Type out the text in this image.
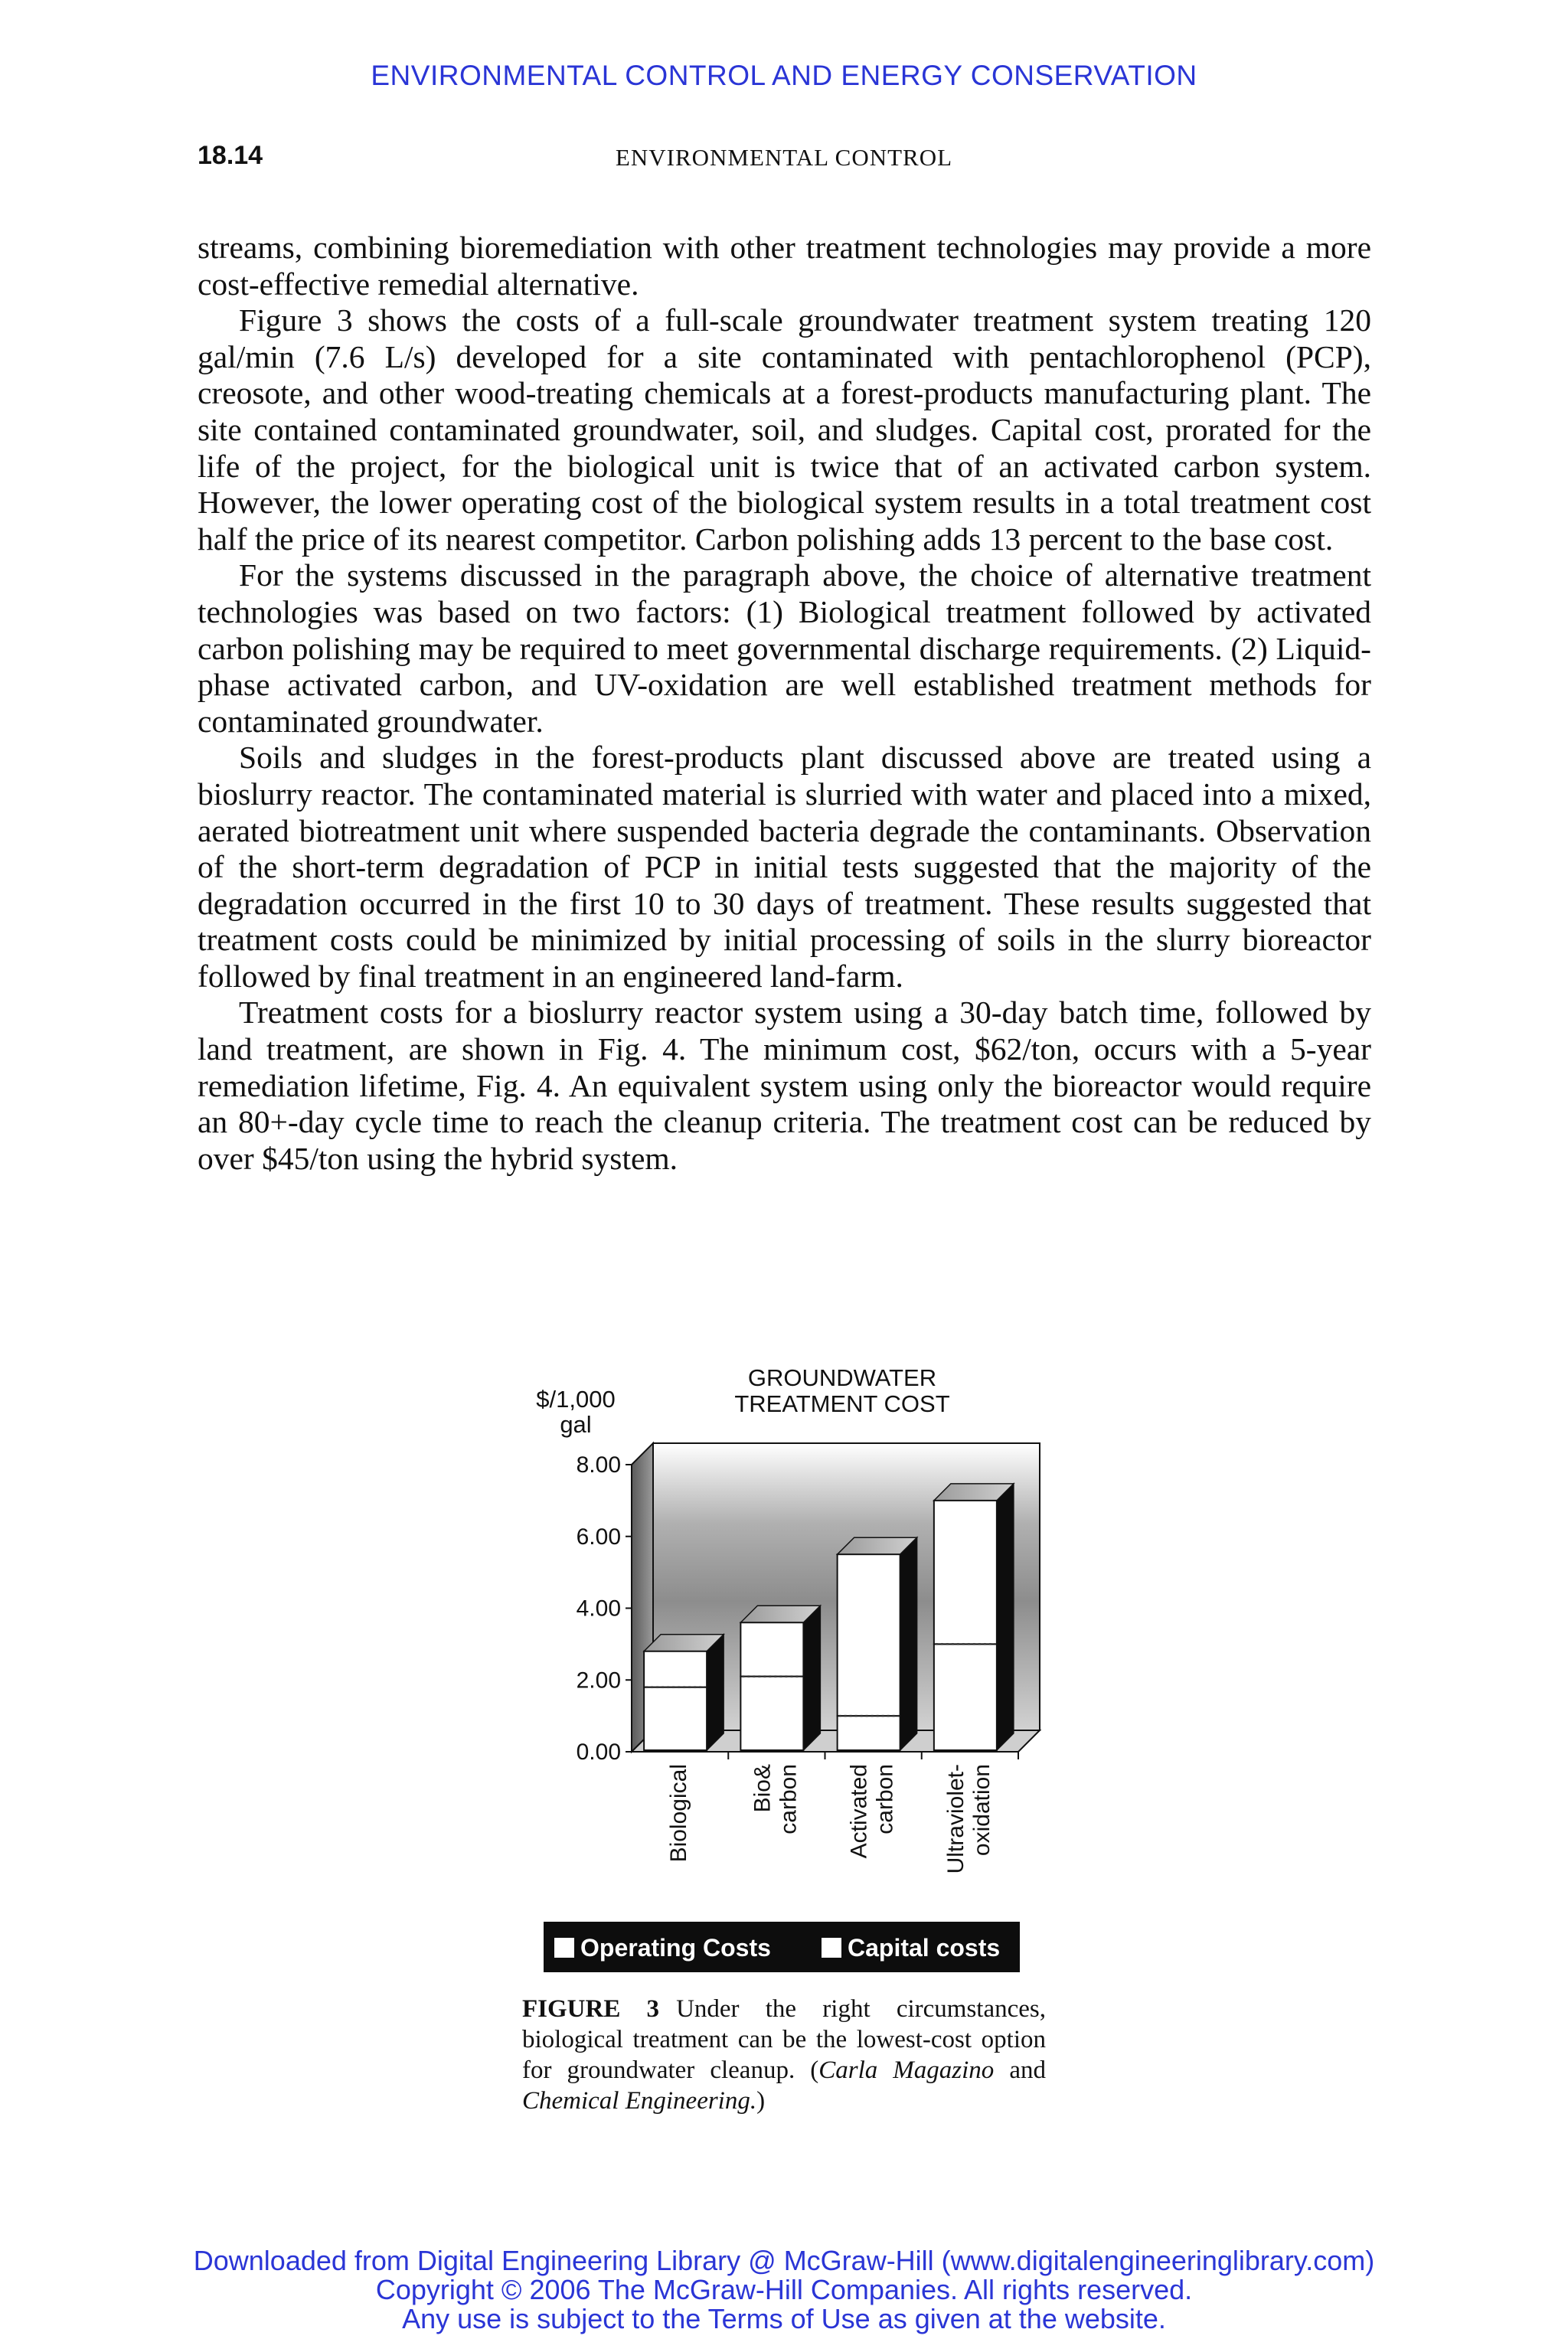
ENVIRONMENTAL CONTROL AND ENERGY CONSERVATION
18.14	ENVIRONMENTAL CONTROL

streams, combining bioremediation with other treatment technologies may provide a more cost-effective remedial alternative.

Figure 3 shows the costs of a full-scale groundwater treatment system treating 120 gal/min (7.6 L/s) developed for a site contaminated with pentachlorophenol (PCP), creosote, and other wood-treating chemicals at a forest-products manufacturing plant. The site contained contaminated groundwater, soil, and sludges. Capital cost, prorated for the life of the project, for the biological unit is twice that of an activated carbon system. However, the lower operating cost of the biological system results in a total treatment cost half the price of its nearest competitor. Carbon polishing adds 13 percent to the base cost.

For the systems discussed in the paragraph above, the choice of alternative treatment technologies was based on two factors: (1) Biological treatment followed by activated carbon polishing may be required to meet governmental discharge requirements. (2) Liquid-phase activated carbon, and UV-oxidation are well established treatment methods for contaminated groundwater.

Soils and sludges in the forest-products plant discussed above are treated using a bioslurry reactor. The contaminated material is slurried with water and placed into a mixed, aerated biotreatment unit where suspended bacteria degrade the contaminants. Observation of the short-term degradation of PCP in initial tests suggested that the majority of the degradation occurred in the first 10 to 30 days of treatment. These results suggested that treatment costs could be minimized by initial processing of soils in the slurry bioreactor followed by final treatment in an engineered land-farm.

Treatment costs for a bioslurry reactor system using a 30-day batch time, followed by land treatment, are shown in Fig. 4. The minimum cost, $62/ton, occurs with a 5-year remediation lifetime, Fig. 4. An equivalent system using only the bioreactor would require an 80+-day cycle time to reach the cleanup criteria. The treatment cost can be reduced by over $45/ton using the hybrid system.

0.00
2.00
4.00
6.00
8.00
Biological	Bio& carbon Activated carbon Ultraviolet- oxidation
GROUNDWATER
TREATMENT COST
$/1,000
gal
Operating Costs	Capital costs
FIGURE 3 Under the right circumstances, biological treatment can be the lowest-cost option for groundwater cleanup. (Carla Magazino and Chemical Engineering.)
Downloaded from Digital Engineering Library @ McGraw-Hill (www.digitalengineeringlibrary.com)
Copyright © 2006 The McGraw-Hill Companies. All rights reserved.
Any use is subject to the Terms of Use as given at the website.
